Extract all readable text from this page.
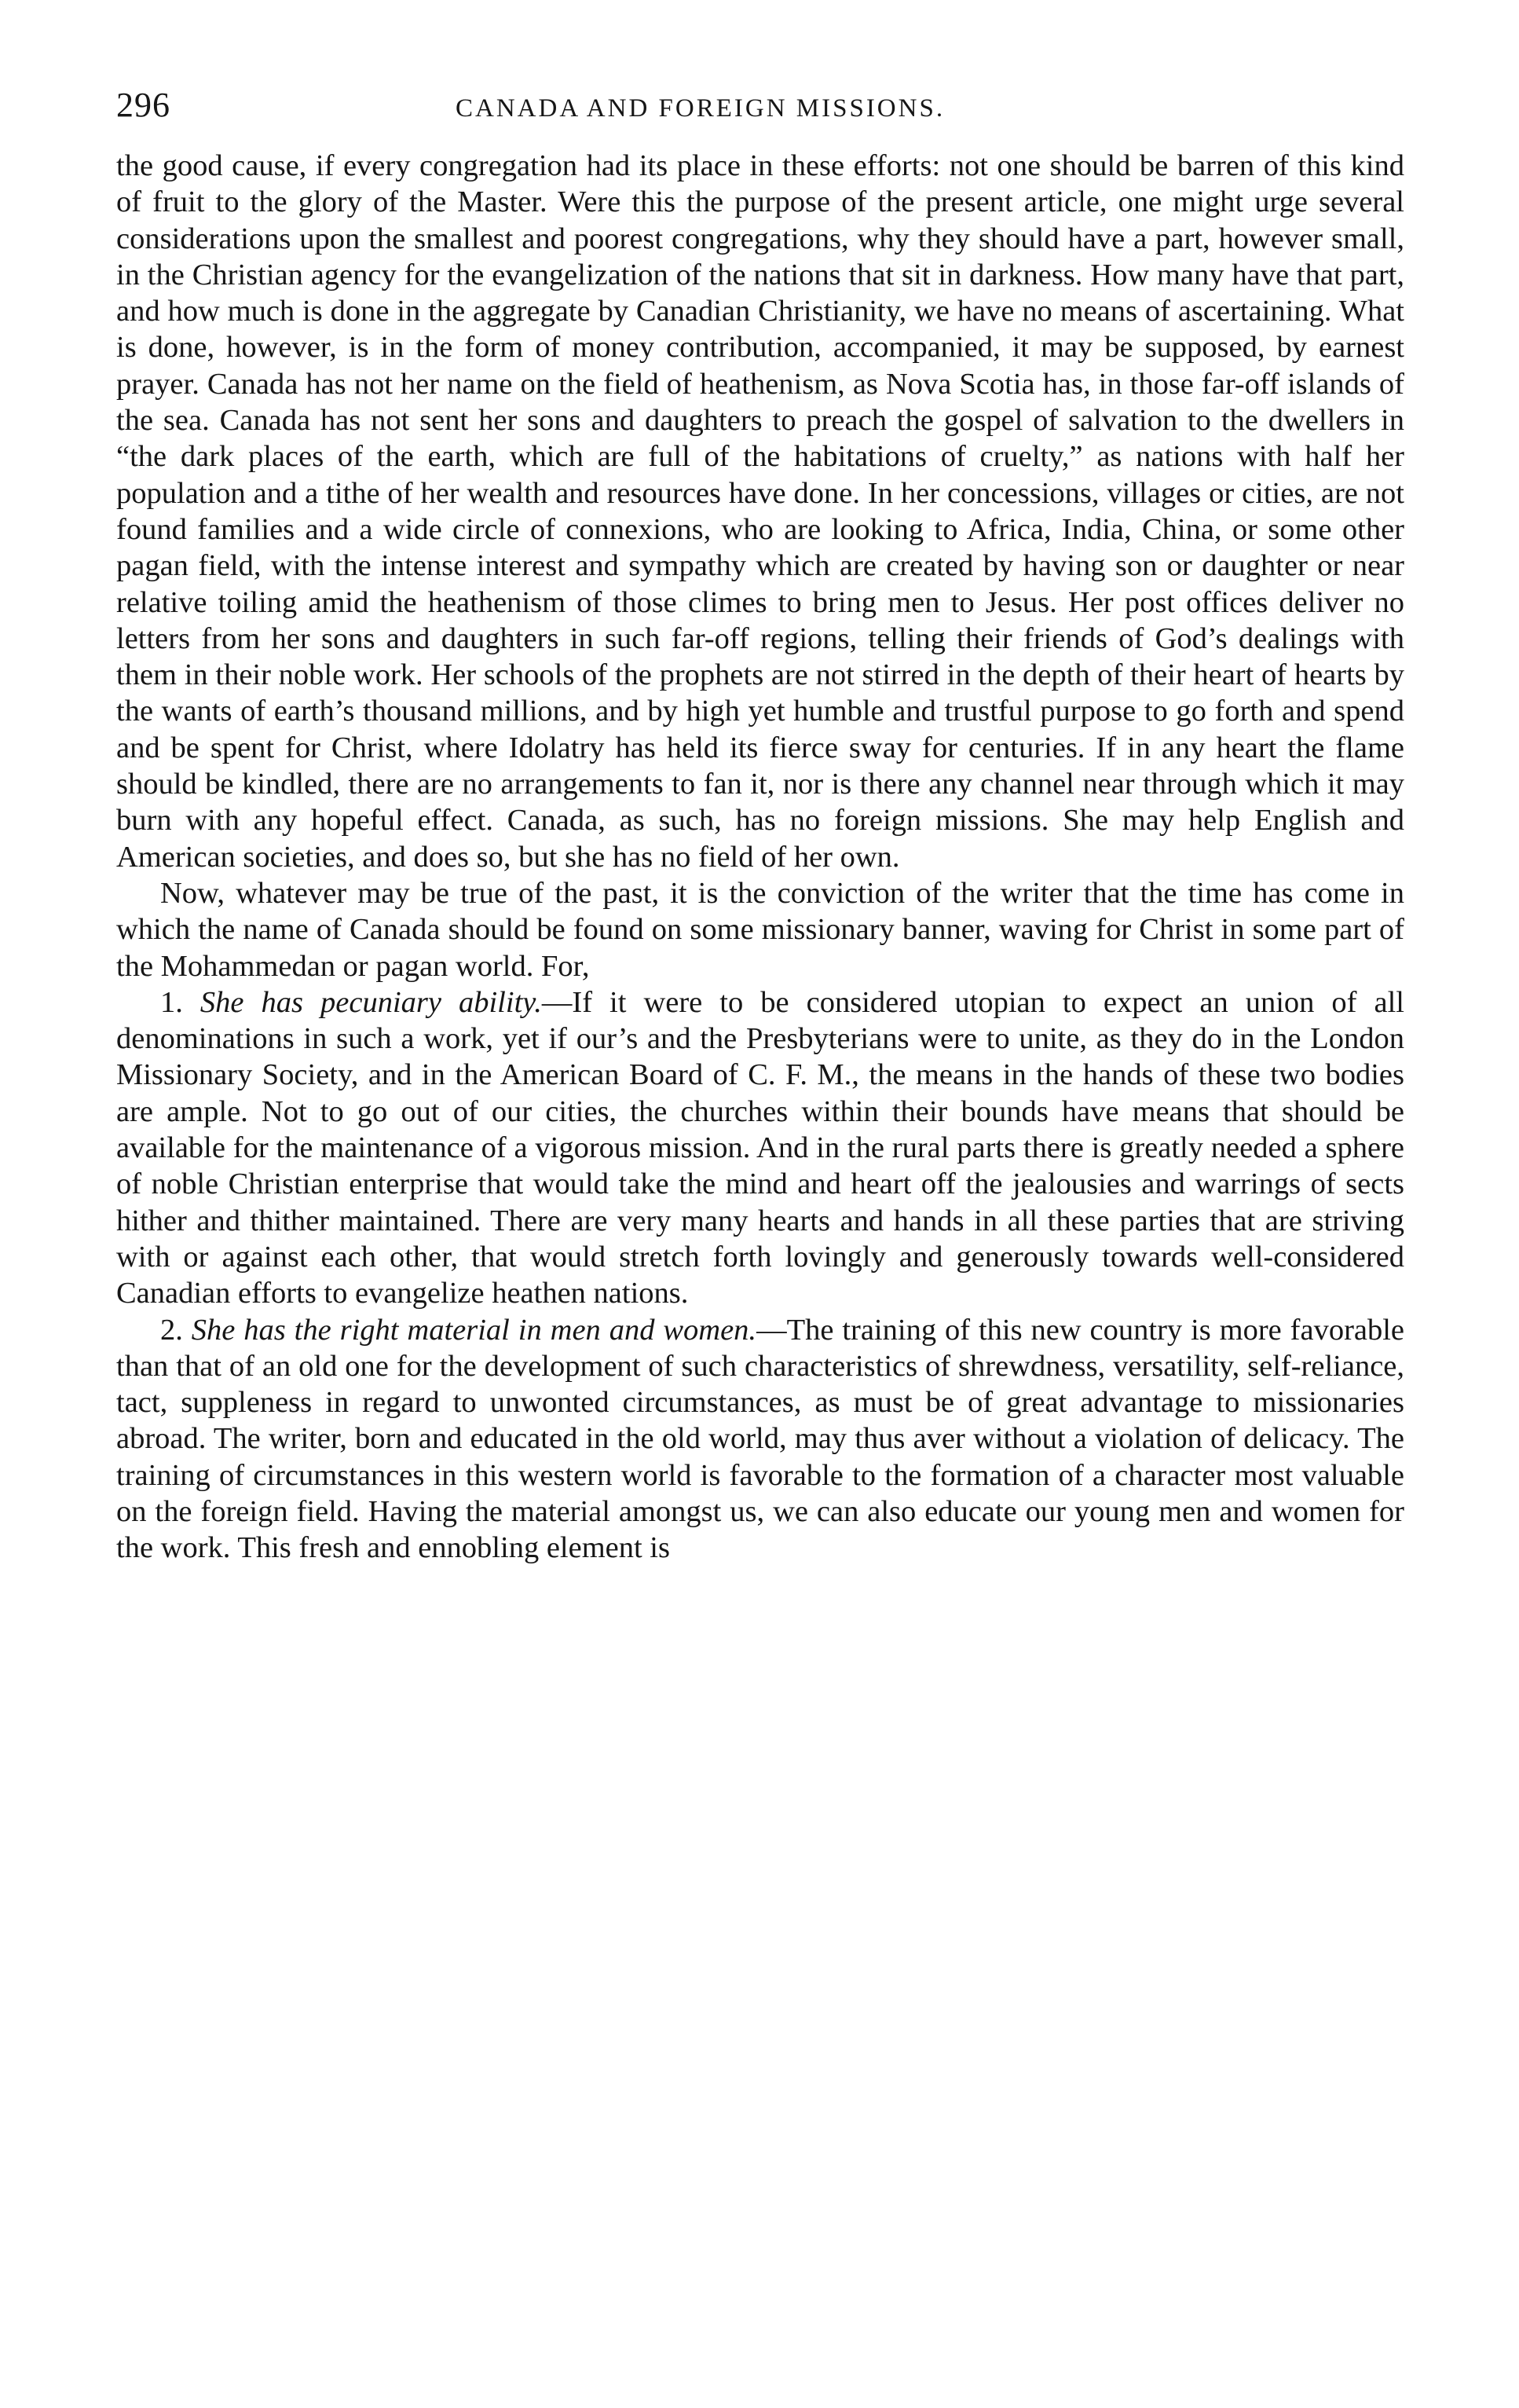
296	CANADA AND FOREIGN MISSIONS.

the good cause, if every congregation had its place in these efforts: not one should be barren of this kind of fruit to the glory of the Master. Were this the purpose of the present article, one might urge several considerations upon the smallest and poorest congregations, why they should have a part, however small, in the Christian agency for the evangelization of the nations that sit in darkness. How many have that part, and how much is done in the aggregate by Canadian Christianity, we have no means of ascertaining. What is done, however, is in the form of money contribution, accompanied, it may be supposed, by earnest prayer. Canada has not her name on the field of heathenism, as Nova Scotia has, in those far-off islands of the sea. Canada has not sent her sons and daughters to preach the gospel of salvation to the dwellers in “the dark places of the earth, which are full of the habitations of cruelty,” as nations with half her population and a tithe of her wealth and resources have done. In her concessions, villages or cities, are not found families and a wide circle of connexions, who are looking to Africa, India, China, or some other pagan field, with the intense interest and sympathy which are created by having son or daughter or near relative toiling amid the heathenism of those climes to bring men to Jesus. Her post offices deliver no letters from her sons and daughters in such far-off regions, telling their friends of God’s dealings with them in their noble work. Her schools of the prophets are not stirred in the depth of their heart of hearts by the wants of earth’s thousand millions, and by high yet humble and trustful purpose to go forth and spend and be spent for Christ, where Idolatry has held its fierce sway for centuries. If in any heart the flame should be kindled, there are no arrangements to fan it, nor is there any channel near through which it may burn with any hopeful effect. Canada, as such, has no foreign missions. She may help English and American societies, and does so, but she has no field of her own.

Now, whatever may be true of the past, it is the conviction of the writer that the time has come in which the name of Canada should be found on some missionary banner, waving for Christ in some part of the Mohammedan or pagan world. For,

1. She has pecuniary ability.—If it were to be considered utopian to expect an union of all denominations in such a work, yet if our’s and the Presbyterians were to unite, as they do in the London Missionary Society, and in the American Board of C. F. M., the means in the hands of these two bodies are ample. Not to go out of our cities, the churches within their bounds have means that should be available for the maintenance of a vigorous mission. And in the rural parts there is greatly needed a sphere of noble Christian enterprise that would take the mind and heart off the jealousies and warrings of sects hither and thither maintained. There are very many hearts and hands in all these parties that are striving with or against each other, that would stretch forth lovingly and generously towards well-considered Canadian efforts to evangelize heathen nations.

2. She has the right material in men and women.—The training of this new country is more favorable than that of an old one for the development of such characteristics of shrewdness, versatility, self-reliance, tact, suppleness in regard to unwonted circumstances, as must be of great advantage to missionaries abroad. The writer, born and educated in the old world, may thus aver without a violation of delicacy. The training of circumstances in this western world is favorable to the formation of a character most valuable on the foreign field. Having the material amongst us, we can also educate our young men and women for the work. This fresh and ennobling element is
